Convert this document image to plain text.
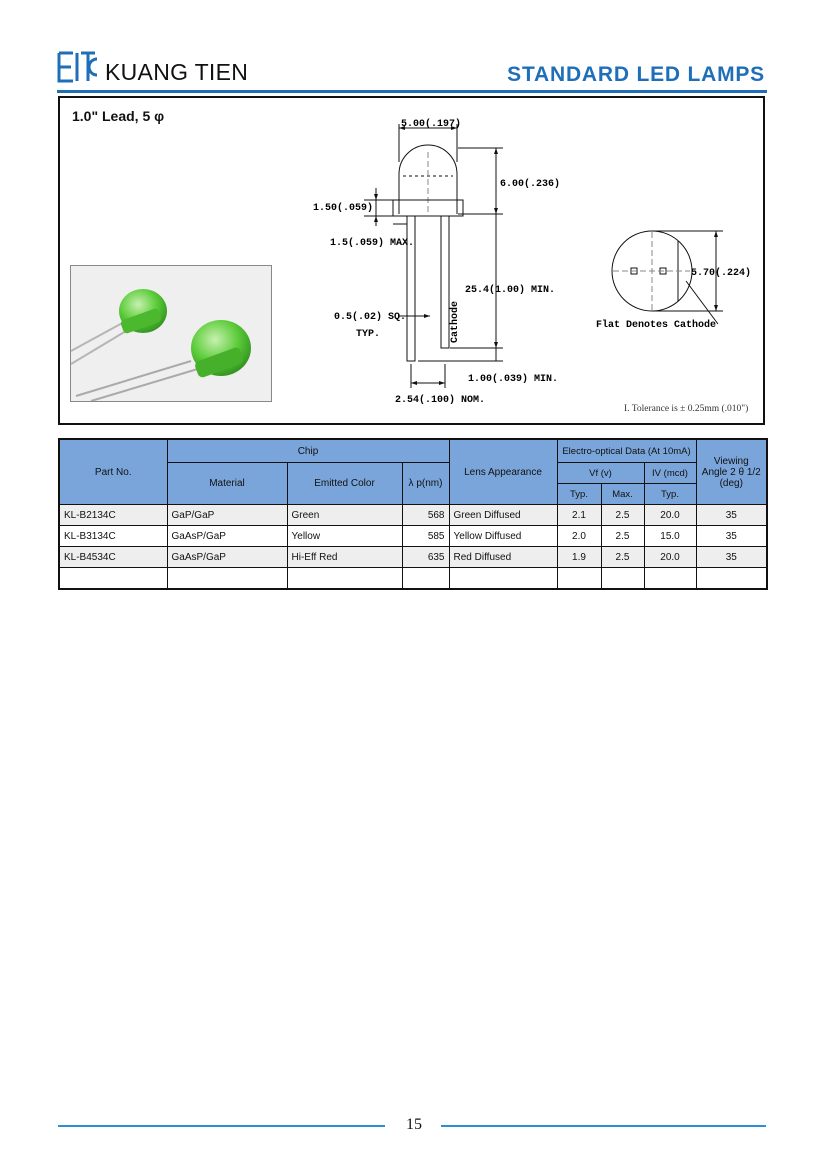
KUANG TIEN	STANDARD LED LAMPS
1.0" Lead, 5 φ
5.00(.197)
6.00(.236)
1.50(.059)
1.5(.059) MAX.
25.4(1.00) MIN.
0.5(.02) SQ.
TYP.	Cathode
1.00(.039) MIN.
2.54(.100) NOM.
5.70(.224)
Flat Denotes Cathode
I. Tolerance is ± 0.25mm (.010")
Part No.	Chip			Lens Appearance	Electro-optical Data (At 10mA)			Viewing Angle 2 θ 1/2 (deg)
	Material	Emitted Color	λ p(nm)		Vf (v)		IV (mcd)	
					Typ.	Max.	Typ.	
KL-B2134C	GaP/GaP	Green	568	Green Diffused	2.1	2.5	20.0	35
KL-B3134C	GaAsP/GaP	Yellow	585	Yellow Diffused	2.0	2.5	15.0	35
KL-B4534C	GaAsP/GaP	Hi-Eff Red	635	Red Diffused	1.9	2.5	20.0	35

15
